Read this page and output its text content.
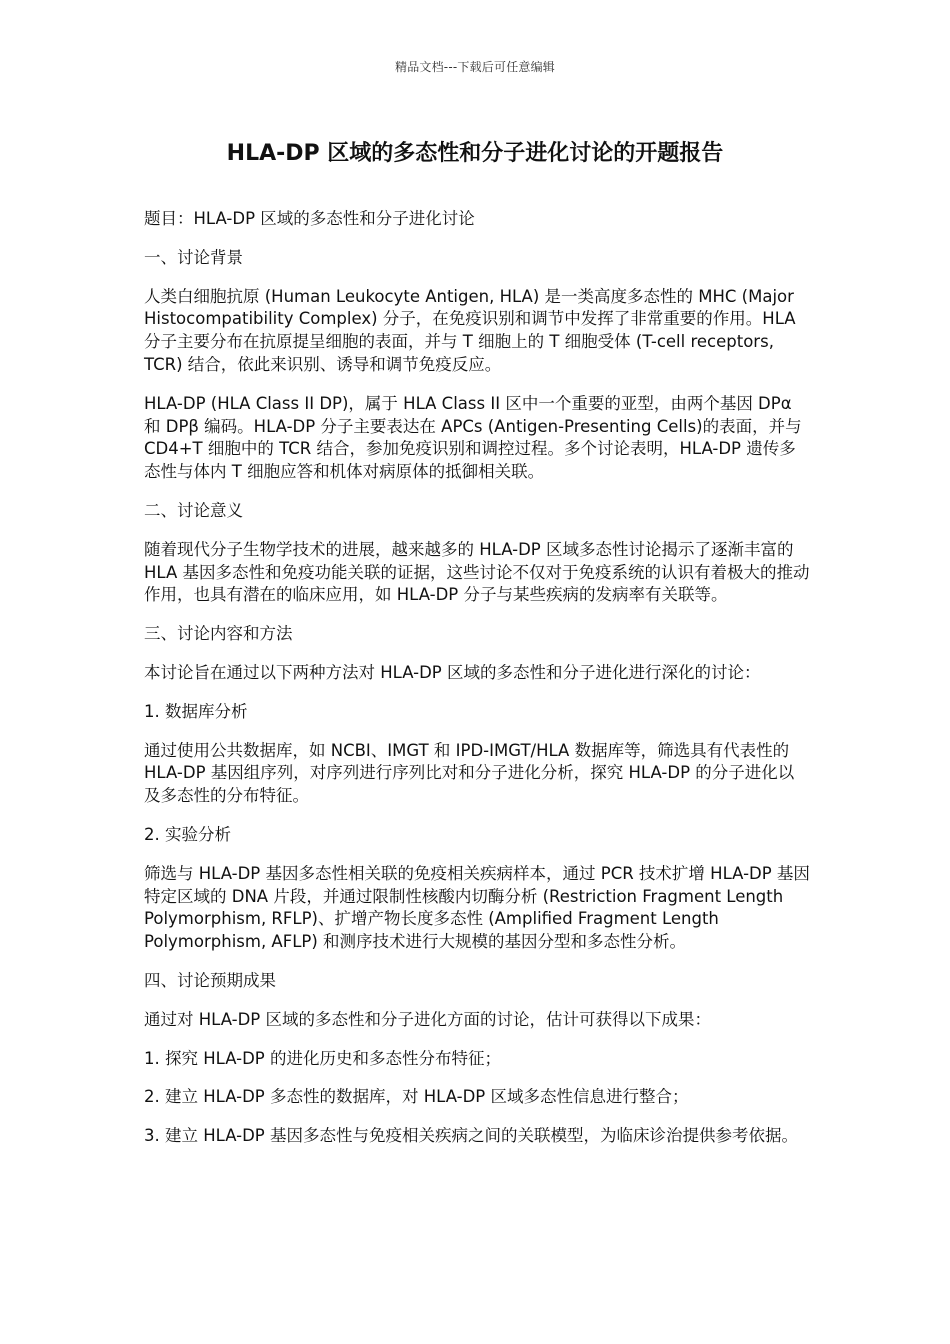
精品文档---下载后可任意编辑
HLA-DP 区域的多态性和分子进化讨论的开题报告

题目：HLA-DP 区域的多态性和分子进化讨论

一、讨论背景

人类白细胞抗原 (Human Leukocyte Antigen, HLA) 是一类高度多态性的 MHC (Major Histocompatibility Complex) 分子，在免疫识别和调节中发挥了非常重要的作用。HLA 分子主要分布在抗原提呈细胞的表面，并与 T 细胞上的 T 细胞受体 (T-cell receptors, TCR) 结合，依此来识别、诱导和调节免疫反应。

HLA-DP (HLA Class II DP)，属于 HLA Class II 区中一个重要的亚型，由两个基因 DPα 和 DPβ 编码。HLA-DP 分子主要表达在 APCs (Antigen-Presenting Cells)的表面，并与 CD4+T 细胞中的 TCR 结合，参加免疫识别和调控过程。多个讨论表明，HLA-DP 遗传多态性与体内 T 细胞应答和机体对病原体的抵御相关联。

二、讨论意义

随着现代分子生物学技术的进展，越来越多的 HLA-DP 区域多态性讨论揭示了逐渐丰富的 HLA 基因多态性和免疫功能关联的证据，这些讨论不仅对于免疫系统的认识有着极大的推动作用，也具有潜在的临床应用，如 HLA-DP 分子与某些疾病的发病率有关联等。

三、讨论内容和方法

本讨论旨在通过以下两种方法对 HLA-DP 区域的多态性和分子进化进行深化的讨论：

1. 数据库分析

通过使用公共数据库，如 NCBI、IMGT 和 IPD-IMGT/HLA 数据库等，筛选具有代表性的 HLA-DP 基因组序列，对序列进行序列比对和分子进化分析，探究 HLA-DP 的分子进化以及多态性的分布特征。

2. 实验分析

筛选与 HLA-DP 基因多态性相关联的免疫相关疾病样本，通过 PCR 技术扩增 HLA-DP 基因特定区域的 DNA 片段，并通过限制性核酸内切酶分析 (Restriction Fragment Length Polymorphism, RFLP)、扩增产物长度多态性 (Amplified Fragment Length Polymorphism, AFLP) 和测序技术进行大规模的基因分型和多态性分析。

四、讨论预期成果

通过对 HLA-DP 区域的多态性和分子进化方面的讨论，估计可获得以下成果：

1. 探究 HLA-DP 的进化历史和多态性分布特征；

2. 建立 HLA-DP 多态性的数据库，对 HLA-DP 区域多态性信息进行整合；

3. 建立 HLA-DP 基因多态性与免疫相关疾病之间的关联模型，为临床诊治提供参考依据。
